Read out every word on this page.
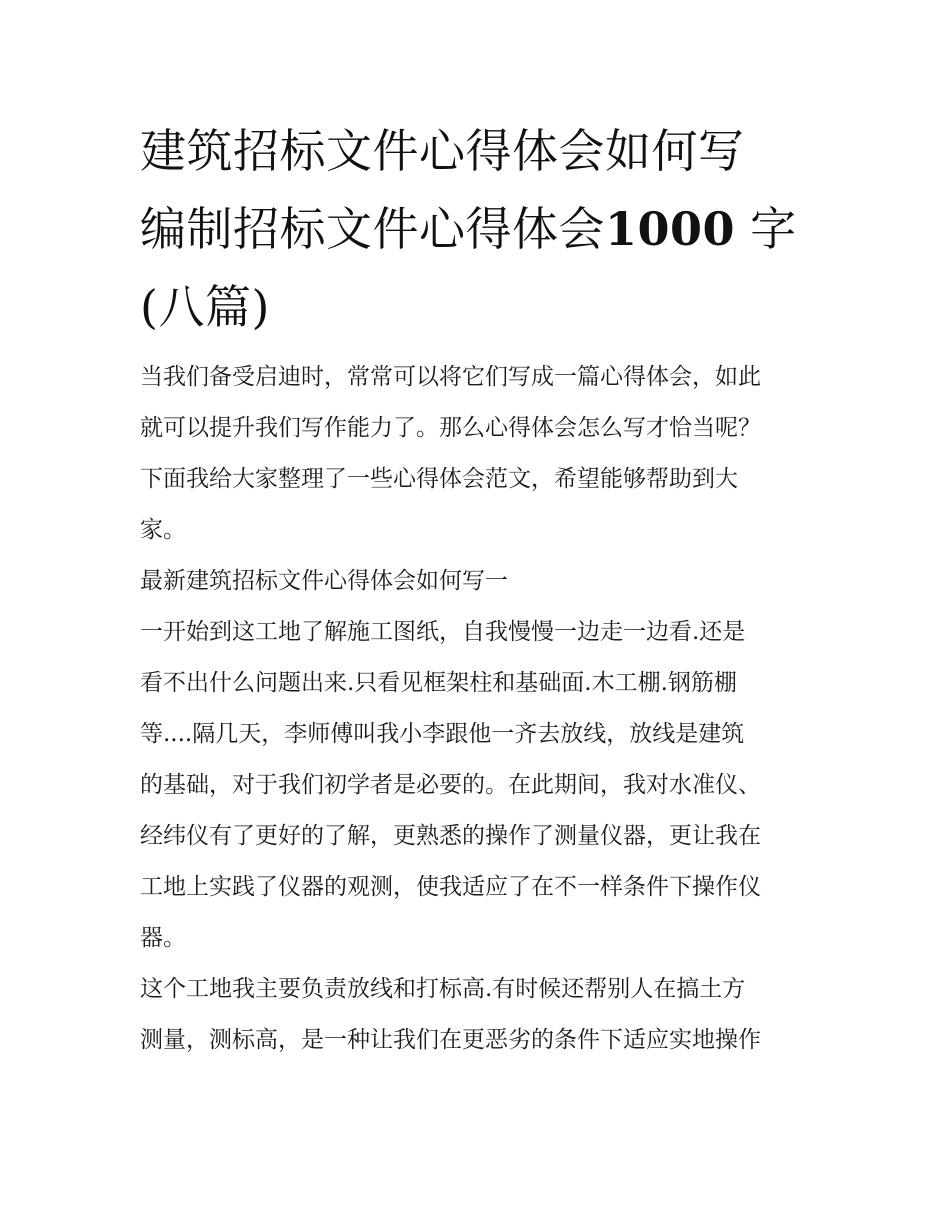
建筑招标文件心得体会如何写
编制招标文件心得体会1000 字
(八篇)

当我们备受启迪时，常常可以将它们写成一篇心得体会，如此
就可以提升我们写作能力了。那么心得体会怎么写才恰当呢？
下面我给大家整理了一些心得体会范文，希望能够帮助到大
家。

最新建筑招标文件心得体会如何写一

一开始到这工地了解施工图纸，自我慢慢一边走一边看.还是
看不出什么问题出来.只看见框架柱和基础面.木工棚.钢筋棚
等....隔几天，李师傅叫我小李跟他一齐去放线，放线是建筑
的基础，对于我们初学者是必要的。在此期间，我对水准仪、
经纬仪有了更好的了解，更熟悉的操作了测量仪器，更让我在
工地上实践了仪器的观测，使我适应了在不一样条件下操作仪
器。

这个工地我主要负责放线和打标高.有时候还帮别人在搞土方
测量，测标高，是一种让我们在更恶劣的条件下适应实地操作
